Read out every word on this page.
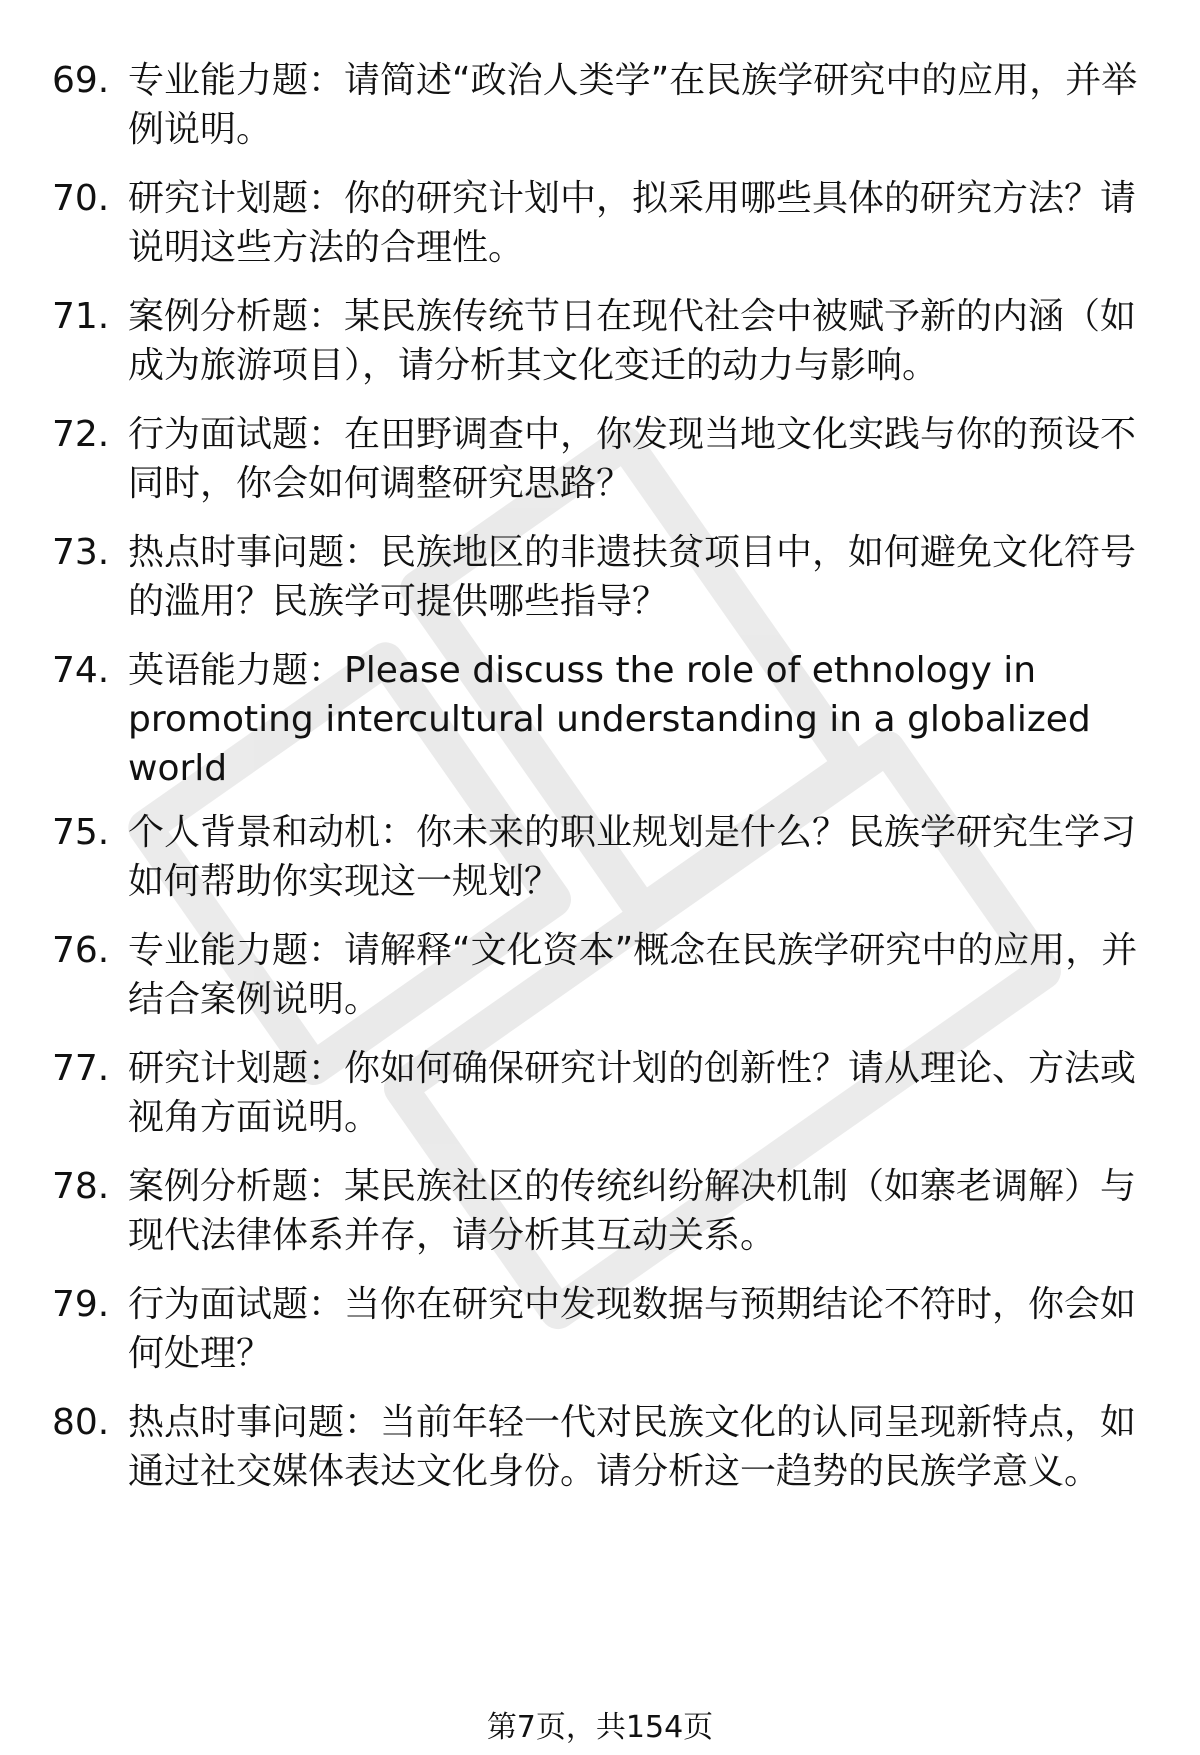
69. 专业能力题：请简述“政治人类学”在民族学研究中的应用，并举例说明。
70. 研究计划题：你的研究计划中，拟采用哪些具体的研究方法？请说明这些方法的合理性。
71. 案例分析题：某民族传统节日在现代社会中被赋予新的内涵（如成为旅游项目），请分析其文化变迁的动力与影响。
72. 行为面试题：在田野调查中，你发现当地文化实践与你的预设不同时，你会如何调整研究思路？
73. 热点时事问题：民族地区的非遗扶贫项目中，如何避免文化符号的滥用？民族学可提供哪些指导？
74. 英语能力题：Please discuss the role of ethnology in promoting intercultural understanding in a globalized world
75. 个人背景和动机：你未来的职业规划是什么？民族学研究生学习如何帮助你实现这一规划？
76. 专业能力题：请解释“文化资本”概念在民族学研究中的应用，并结合案例说明。
77. 研究计划题：你如何确保研究计划的创新性？请从理论、方法或视角方面说明。
78. 案例分析题：某民族社区的传统纠纷解决机制（如寨老调解）与现代法律体系并存，请分析其互动关系。
79. 行为面试题：当你在研究中发现数据与预期结论不符时，你会如何处理？
80. 热点时事问题：当前年轻一代对民族文化的认同呈现新特点，如通过社交媒体表达文化身份。请分析这一趋势的民族学意义。
第7页，共154页
